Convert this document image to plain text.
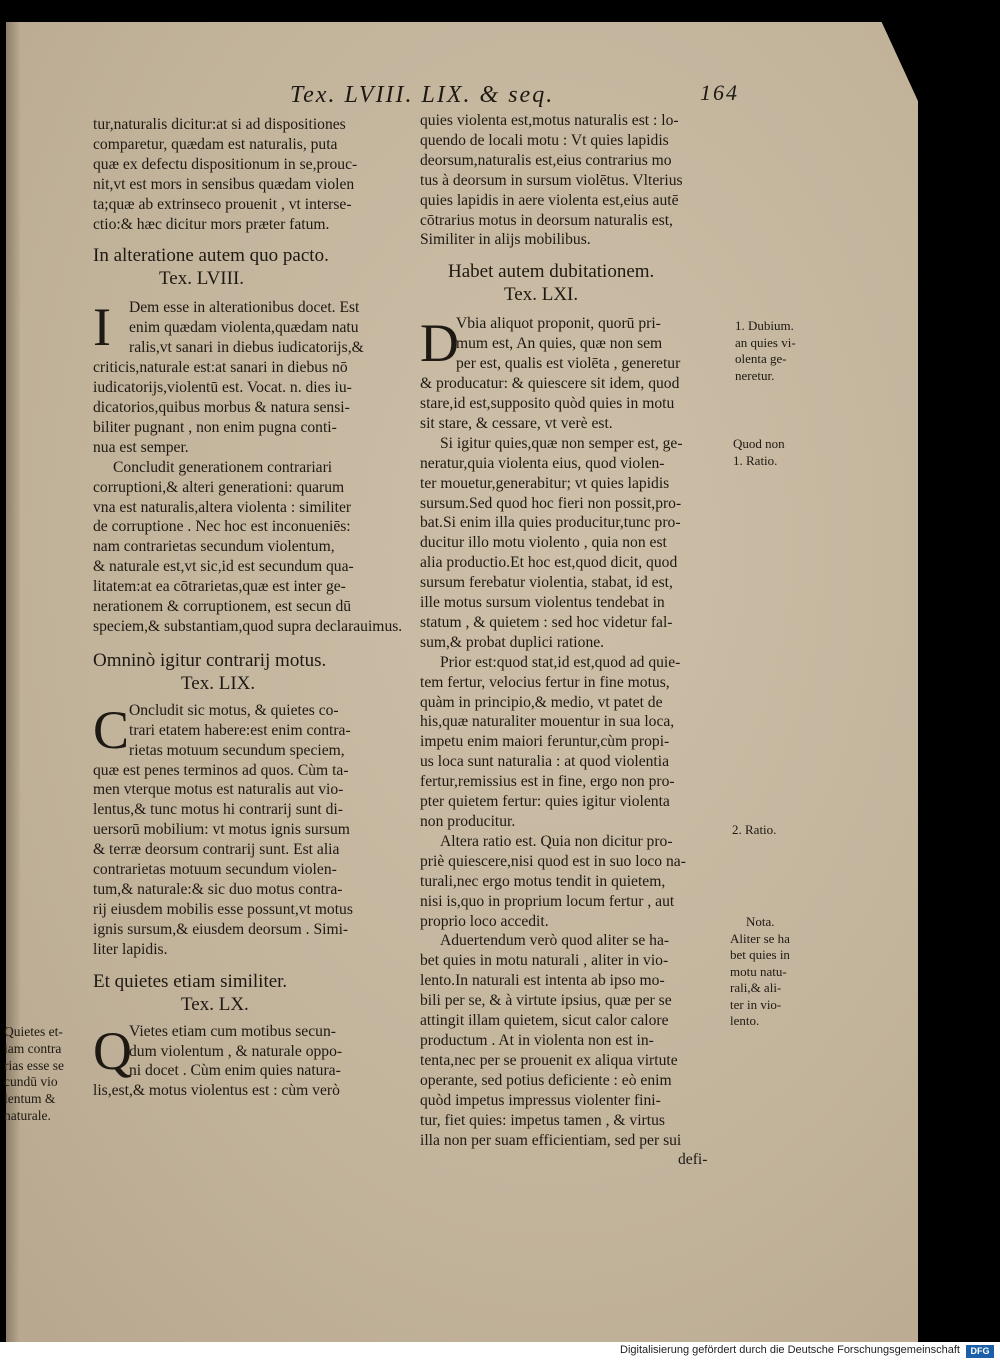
Tex. LVIII. LIX. & seq.	164

tur,naturalis dicitur:at si ad dispositiones

comparetur, quædam est naturalis, puta

quæ ex defectu dispositionum in se,prouc-

nit,vt est mors in sensibus quædam violen

ta;quæ ab extrinseco prouenit , vt interse-

ctio:& hæc dicitur mors præter fatum.

In alteratione autem quo pacto.

Tex. LVIII.

I	Dem esse in alterationibus docet. Est

enim quædam violenta,quædam natu

ralis,vt sanari in diebus iudicatorijs,&

criticis,naturale est:at sanari in diebus nō

iudicatorijs,violentū est. Vocat. n. dies iu-

dicatorios,quibus morbus & natura sensi-

biliter pugnant , non enim pugna conti-

nua est semper.

Concludit generationem contrariari

corruptioni,& alteri generationi: quarum

vna est naturalis,altera violenta : similiter

de corruptione . Nec hoc est inconueniēs:

nam contrarietas secundum violentum,

& naturale est,vt sic,id est secundum qua-

litatem:at ea cōtrarietas,quæ est inter ge-

nerationem & corruptionem, est secun dū

speciem,& substantiam,quod supra declarauimus.

Omninò igitur contrarij motus.

Tex. LIX.

C Oncludit sic motus, & quietes co-

trari etatem habere:est enim contra-

rietas motuum secundum speciem,

quæ est penes terminos ad quos. Cùm ta-

men vterque motus est naturalis aut vio-

lentus,& tunc motus hi contrarij sunt di-

uersorū mobilium: vt motus ignis sursum

& terræ deorsum contrarij sunt. Est alia

contrarietas motuum secundum violen-

tum,& naturale:& sic duo motus contra-

rij eiusdem mobilis esse possunt,vt motus

ignis sursum,& eiusdem deorsum . Simi-

liter lapidis.

Et quietes etiam similiter.

Tex. LX.

Q

Vietes etiam cum motibus secun-

dum violentum , & naturale oppo-

ni docet . Cùm enim quies natura-

lis,est,& motus violentus est : cùm verò

quies violenta est,motus naturalis est : lo-

quendo de locali motu : Vt quies lapidis

deorsum,naturalis est,eius contrarius mo

tus à deorsum in sursum violētus. Vlterius

quies lapidis in aere violenta est,eius autē

cōtrarius motus in deorsum naturalis est,

Similiter in alijs mobilibus.

Habet autem dubitationem.

Tex. LXI.

D

Vbia aliquot proponit, quorū pri-

mum est, An quies, quæ non sem

per est, qualis est violēta , generetur

& producatur: & quiescere sit idem, quod

stare,id est,supposito quòd quies in motu

sit stare, & cessare, vt verè est.

Si igitur quies,quæ non semper est, ge-

neratur,quia violenta eius, quod violen-

ter mouetur,generabitur; vt quies lapidis

sursum.Sed quod hoc fieri non possit,pro-

bat.Si enim illa quies producitur,tunc pro-

ducitur illo motu violento , quia non est

alia productio.Et hoc est,quod dicit, quod

sursum ferebatur violentia, stabat, id est,

ille motus sursum violentus tendebat in

statum , & quietem : sed hoc videtur fal-

sum,& probat duplici ratione.

Prior est:quod stat,id est,quod ad quie-

tem fertur, velocius fertur in fine motus,

quàm in principio,& medio, vt patet de

his,quæ naturaliter mouentur in sua loca,

impetu enim maiori feruntur,cùm propi-

us loca sunt naturalia : at quod violentia

fertur,remissius est in fine, ergo non pro-

pter quietem fertur: quies igitur violenta

non producitur.

Altera ratio est. Quia non dicitur pro-

priè quiescere,nisi quod est in suo loco na-

turali,nec ergo motus tendit in quietem,

nisi is,quo in proprium locum fertur , aut

proprio loco accedit.

Aduertendum verò quod aliter se ha-

bet quies in motu naturali , aliter in vio-

lento.In naturali est intenta ab ipso mo-

bili per se, & à virtute ipsius, quæ per se

attingit illam quietem, sicut calor calore

productum . At in violenta non est in-

tenta,nec per se prouenit ex aliqua virtute

operante, sed potius deficiente : eò enim

quòd impetus impressus violenter fini-

tur, fiet quies: impetus tamen , & virtus

illa non per suam efficientiam, sed per sui

defi-

1. Dubium.
an quies vi-
olenta ge-
neretur.
Quod non
1. Ratio.
2. Ratio.
Nota.
Aliter se ha
bet quies in
motu natu-
rali,& ali-
ter in vio-
lento.
Quietes et-
iam contra
rias esse se
cundū vio
lentum &
naturale.
Digitalisierung gefördert durch die Deutsche Forschungsgemeinschaft	DFG
